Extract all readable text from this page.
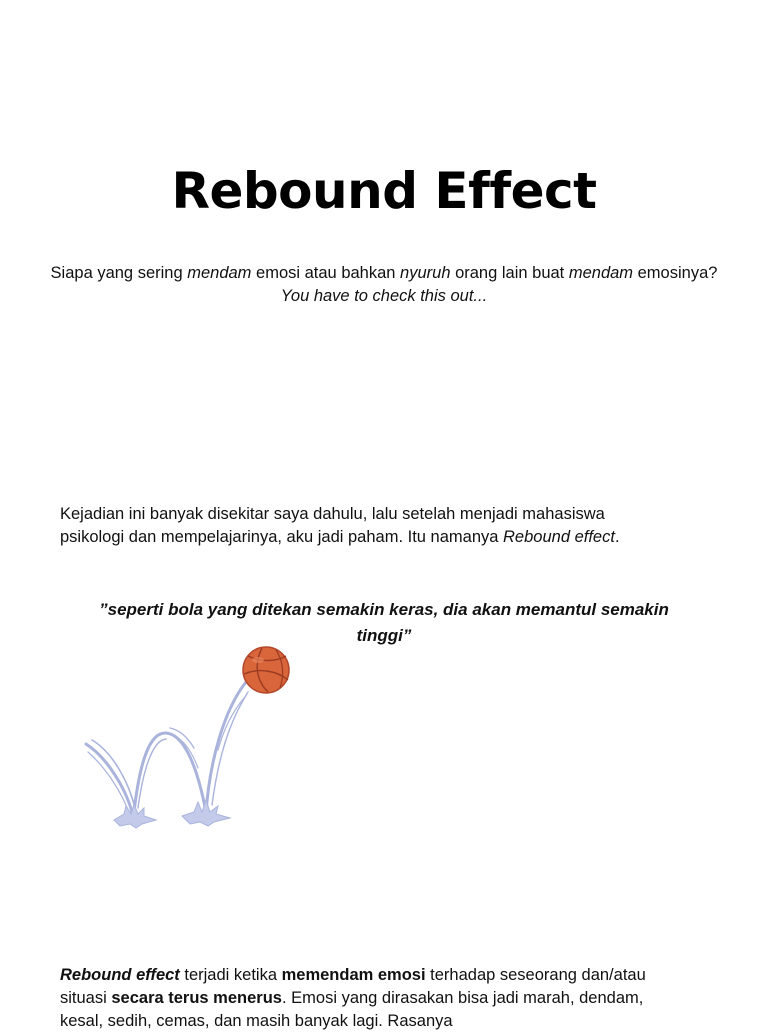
Rebound Effect

Siapa yang sering mendam emosi atau bahkan nyuruh orang lain buat mendam emosinya?
You have to check this out...

Kejadian ini banyak disekitar saya dahulu, lalu setelah menjadi mahasiswa psikologi dan mempelajarinya, aku jadi paham. Itu namanya Rebound effect.

”seperti bola yang ditekan semakin keras, dia akan memantul semakin tinggi”

Rebound effect terjadi ketika memendam emosi terhadap seseorang dan/atau situasi secara terus menerus. Emosi yang dirasakan bisa jadi marah, dendam, kesal, sedih, cemas, dan masih banyak lagi. Rasanya
